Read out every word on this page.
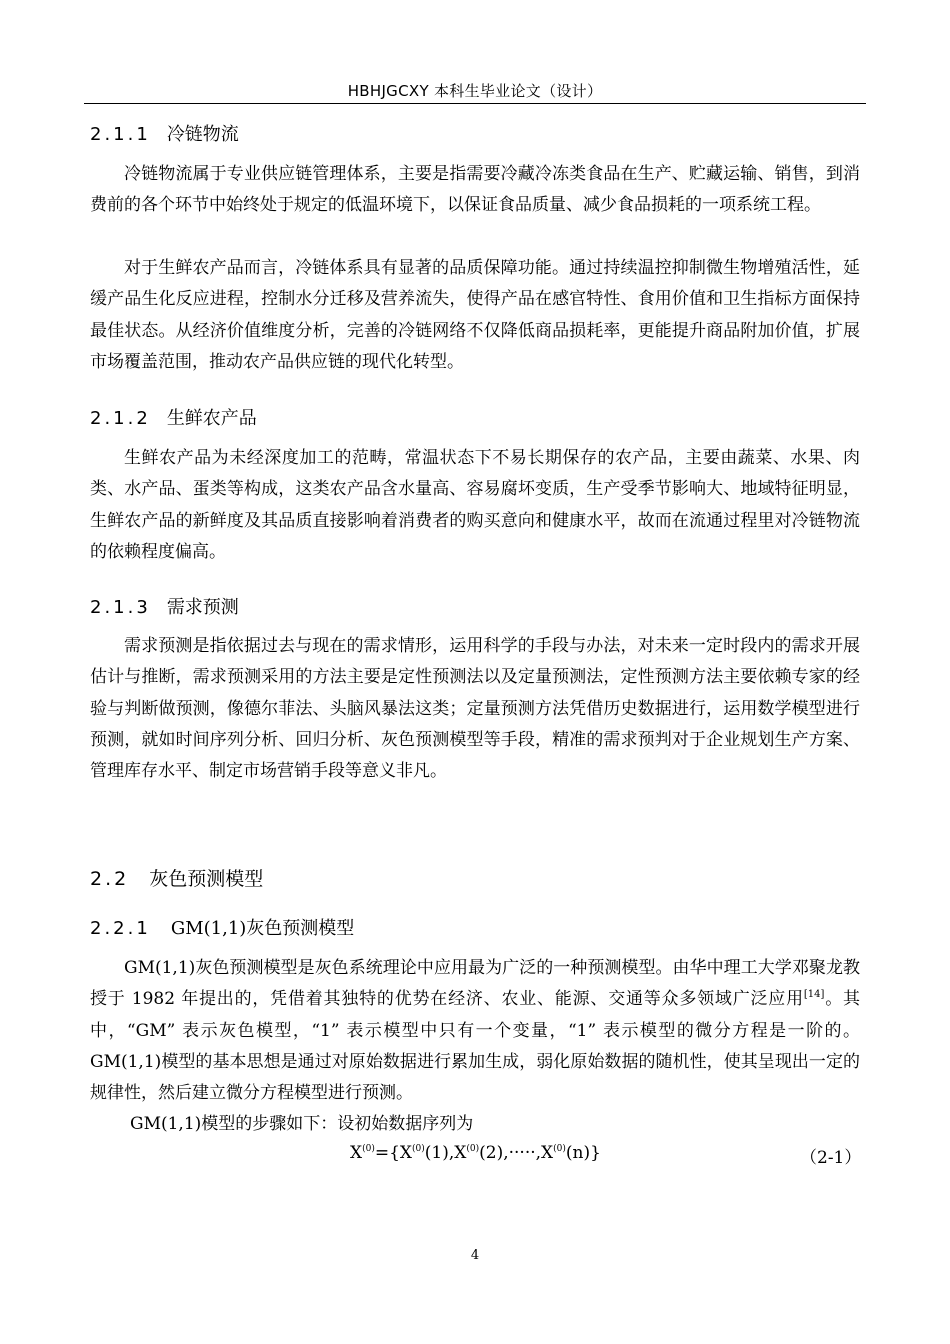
HBHJGCXY 本科生毕业论文（设计）
2.1.1 冷链物流

冷链物流属于专业供应链管理体系，主要是指需要冷藏冷冻类食品在生产、贮藏运输、销售，到消费前的各个环节中始终处于规定的低温环境下，以保证食品质量、减少食品损耗的一项系统工程。

对于生鲜农产品而言，冷链体系具有显著的品质保障功能。通过持续温控抑制微生物增殖活性，延缓产品生化反应进程，控制水分迁移及营养流失，使得产品在感官特性、食用价值和卫生指标方面保持最佳状态。从经济价值维度分析，完善的冷链网络不仅降低商品损耗率，更能提升商品附加价值，扩展市场覆盖范围，推动农产品供应链的现代化转型。

2.1.2 生鲜农产品

生鲜农产品为未经深度加工的范畴，常温状态下不易长期保存的农产品，主要由蔬菜、水果、肉类、水产品、蛋类等构成，这类农产品含水量高、容易腐坏变质，生产受季节影响大、地域特征明显，生鲜农产品的新鲜度及其品质直接影响着消费者的购买意向和健康水平，故而在流通过程里对冷链物流的依赖程度偏高。

2.1.3 需求预测

需求预测是指依据过去与现在的需求情形，运用科学的手段与办法，对未来一定时段内的需求开展估计与推断，需求预测采用的方法主要是定性预测法以及定量预测法，定性预测方法主要依赖专家的经验与判断做预测，像德尔菲法、头脑风暴法这类；定量预测方法凭借历史数据进行，运用数学模型进行预测，就如时间序列分析、回归分析、灰色预测模型等手段，精准的需求预判对于企业规划生产方案、管理库存水平、制定市场营销手段等意义非凡。

2.2 灰色预测模型
2.2.1 GM(1,1)灰色预测模型

GM(1,1)灰色预测模型是灰色系统理论中应用最为广泛的一种预测模型。由华中理工大学邓聚龙教授于 1982 年提出的，凭借着其独特的优势在经济、农业、能源、交通等众多领域广泛应用[14]。其中，“GM” 表示灰色模型，“1” 表示模型中只有一个变量，“1” 表示模型的微分方程是一阶的。GM(1,1)模型的基本思想是通过对原始数据进行累加生成，弱化原始数据的随机性，使其呈现出一定的规律性，然后建立微分方程模型进行预测。

GM(1,1)模型的步骤如下：设初始数据序列为

$X^{(0)}=\{X^{(0)}(1),X^{(0)}(2),\cdot\cdot\cdot\cdot\cdot,X^{(0)}(n)\}$	（2-1）
4
